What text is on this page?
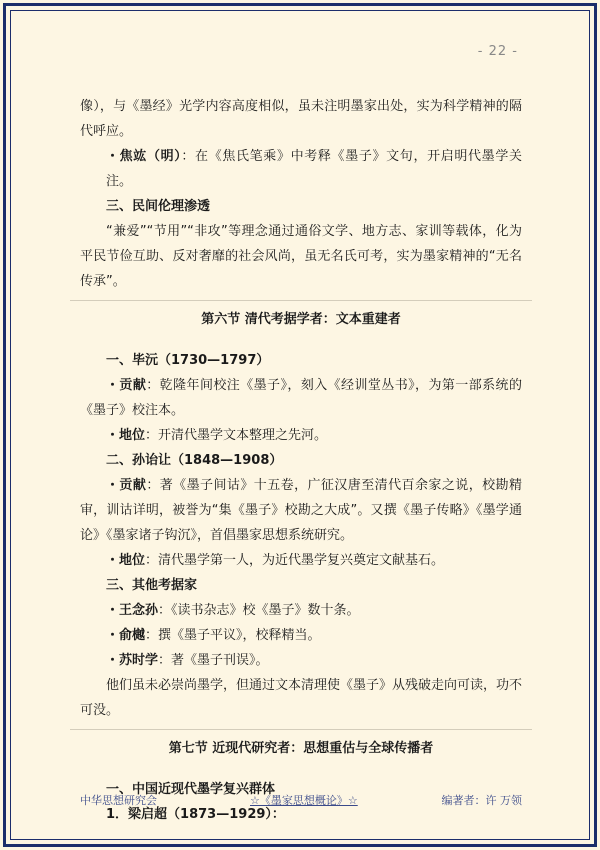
- 22 -

像），与《墨经》光学内容高度相似，虽未注明墨家出处，实为科学精神的隔代呼应。

・焦竑（明）：在《焦氏笔乘》中考释《墨子》文句，开启明代墨学关注。

三、民间伦理渗透

“兼爱”“节用”“非攻”等理念通过通俗文学、地方志、家训等载体，化为平民节俭互助、反对奢靡的社会风尚，虽无名氏可考，实为墨家精神的“无名传承”。

第六节 清代考据学者：文本重建者

一、毕沅（1730—1797）

・贡献：乾隆年间校注《墨子》，刻入《经训堂丛书》，为第一部系统的《墨子》校注本。

・地位：开清代墨学文本整理之先河。

二、孙诒让（1848—1908）

・贡献：著《墨子间诂》十五卷，广征汉唐至清代百余家之说，校勘精审，训诂详明，被誉为“集《墨子》校勘之大成”。又撰《墨子传略》《墨学通论》《墨家诸子钩沉》，首倡墨家思想系统研究。

・地位：清代墨学第一人，为近代墨学复兴奠定文献基石。

三、其他考据家

・王念孙：《读书杂志》校《墨子》数十条。

・俞樾：撰《墨子平议》，校释精当。

・苏时学：著《墨子刊误》。

他们虽未必崇尚墨学，但通过文本清理使《墨子》从残破走向可读，功不可没。

第七节 近现代研究者：思想重估与全球传播者

一、中国近现代墨学复兴群体

1．梁启超（1873—1929）：

中华思想研究会	☆《墨家思想概论》☆	编著者：许 万领
